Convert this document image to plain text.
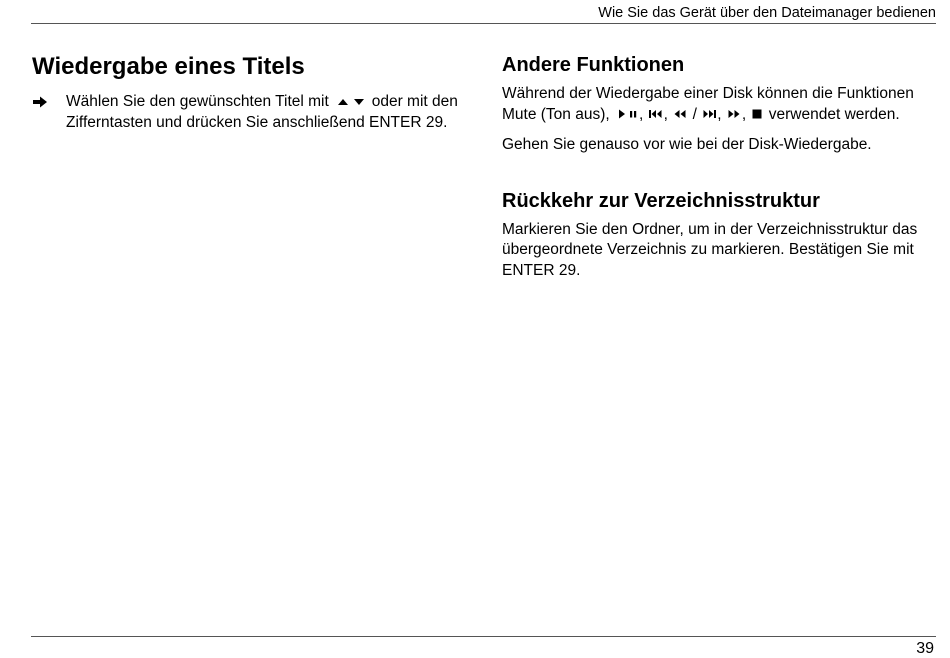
Wie Sie das Gerät über den Dateimanager bedienen
Wiedergabe eines Titels

Wählen Sie den gewünschten Titel mit	oder mit den Zifferntasten und drücken Sie anschließend ENTER 29.

Andere Funktionen

Während der Wiedergabe einer Disk können die Funktionen Mute (Ton aus), , , / , , verwendet werden.

Gehen Sie genauso vor wie bei der Disk-Wiedergabe.

Rückkehr zur Verzeichnisstruktur

Markieren Sie den Ordner, um in der Verzeichnisstruktur das übergeordnete Verzeichnis zu markieren. Bestätigen Sie mit ENTER 29.

39
